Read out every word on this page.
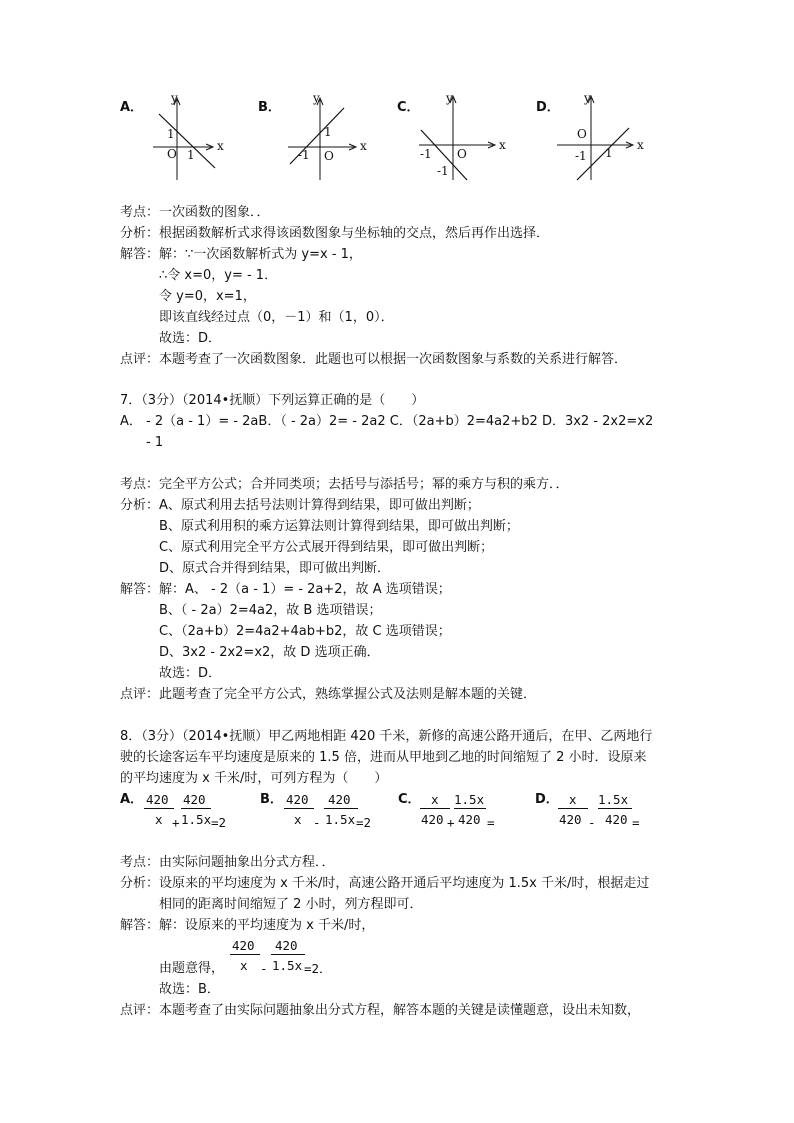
A．
y
x
O
1
1
B．
y
x
O
1
-1
C．
y
x
O
-1
-1
D．
y
x
O
1
-1
考点：一次函数的图象．．
分析：根据函数解析式求得该函数图象与坐标轴的交点，然后再作出选择．
解答：解：∵一次函数解析式为 y=x - 1，
∴令 x=0，y= - 1．
令 y=0，x=1，
即该直线经过点（0，－1）和（1，0）．
故选：D．
点评：本题考查了一次函数图象．此题也可以根据一次函数图象与系数的关系进行解答．
7．（3分）（2014•抚顺）下列运算正确的是（　　）
A． - 2（a - 1）= - 2aB．（ - 2a）2= - 2a2 C．（2a+b）2=4a2+b2 D．3x2 - 2x2=x2
- 1
考点：完全平方公式；合并同类项；去括号与添括号；幂的乘方与积的乘方．．
分析：A、原式利用去括号法则计算得到结果，即可做出判断；
B、原式利用积的乘方运算法则计算得到结果，即可做出判断；
C、原式利用完全平方公式展开得到结果，即可做出判断；
D、原式合并得到结果，即可做出判断．
解答：解：A、 - 2（a - 1）= - 2a+2，故 A 选项错误；
B、（ - 2a）2=4a2，故 B 选项错误；
C、（2a+b）2=4a2+4ab+b2，故 C 选项错误；
D、3x2 - 2x2=x2，故 D 选项正确．
故选：D．
点评：此题考查了完全平方公式，熟练掌握公式及法则是解本题的关键．
8．（3分）（2014•抚顺）甲乙两地相距 420 千米，新修的高速公路开通后，在甲、乙两地行
驶的长途客运车平均速度是原来的 1.5 倍，进而从甲地到乙地的时间缩短了 2 小时．设原来
的平均速度为 x 千米/时，可列方程为（　　）
A． 420 420
x + 1.5x =2
B． 420 420
x - 1.5x =2
C． x 1.5x
420 + 420 =
D． x 1.5x
420 - 420 =
考点：由实际问题抽象出分式方程．．
分析：设原来的平均速度为 x 千米/时，高速公路开通后平均速度为 1.5x 千米/时，根据走过
相同的距离时间缩短了 2 小时，列方程即可．
解答：解：设原来的平均速度为 x 千米/时，
420 420
由题意得， x - 1.5x =2．
故选：B．
点评：本题考查了由实际问题抽象出分式方程，解答本题的关键是读懂题意，设出未知数，
